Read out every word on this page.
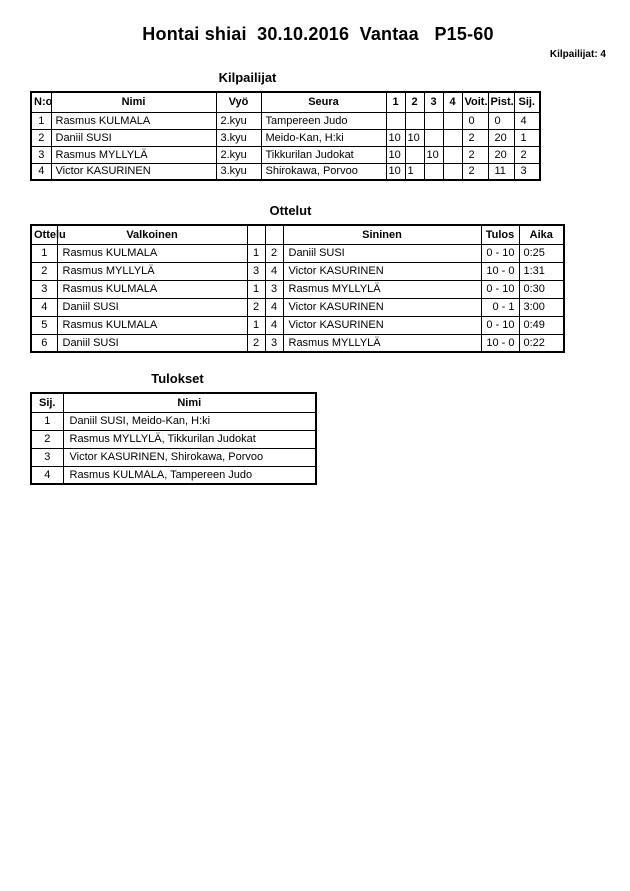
Hontai shiai  30.10.2016  Vantaa   P15-60
Kilpailijat: 4
Kilpailijat
N:o	Nimi	Vyö	Seura	1	2	3	4	Voit.	Pist.	Sij.
1	Rasmus KULMALA	2.kyu	Tampereen Judo					0	0	4
2	Daniil SUSI	3.kyu	Meido-Kan, H:ki	10	10			2	20	1
3	Rasmus MYLLYLÄ	2.kyu	Tikkurilan Judokat	10		10		2	20	2
4	Victor KASURINEN	3.kyu	Shirokawa, Porvoo	10	1			2	11	3
Ottelut
Ottelu	Valkoinen			Sininen	Tulos	Aika
1	Rasmus KULMALA	1	2	Daniil SUSI	0 - 10	0:25
2	Rasmus MYLLYLÄ	3	4	Victor KASURINEN	10 - 0	1:31
3	Rasmus KULMALA	1	3	Rasmus MYLLYLÄ	0 - 10	0:30
4	Daniil SUSI	2	4	Victor KASURINEN	0 - 1	3:00
5	Rasmus KULMALA	1	4	Victor KASURINEN	0 - 10	0:49
6	Daniil SUSI	2	3	Rasmus MYLLYLÄ	10 - 0	0:22
Tulokset
Sij.	Nimi
1	Daniil SUSI, Meido-Kan, H:ki
2	Rasmus MYLLYLÄ, Tikkurilan Judokat
3	Victor KASURINEN, Shirokawa, Porvoo
4	Rasmus KULMALA, Tampereen Judo
